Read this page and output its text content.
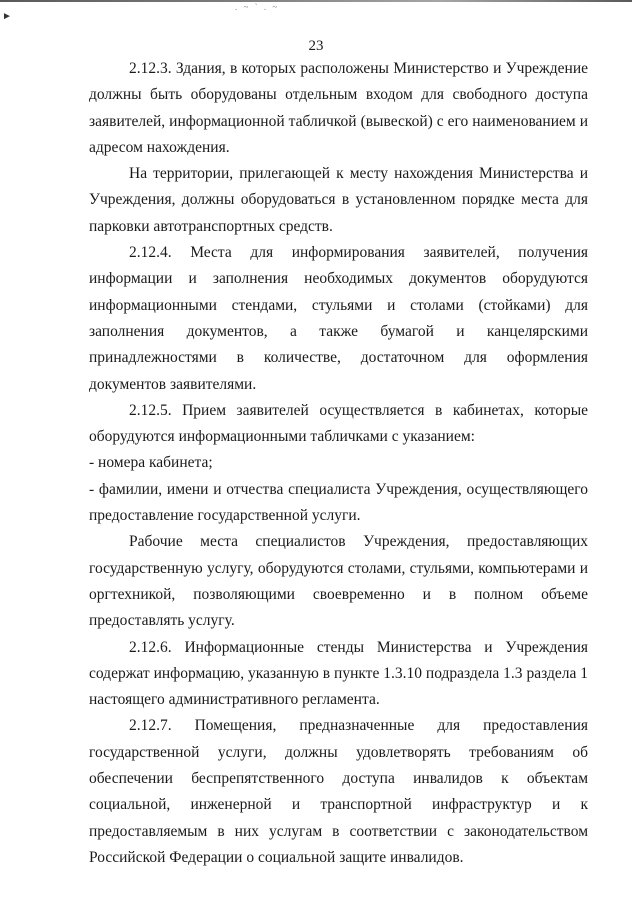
►
. ~ ` . ~
23

2.12.3. Здания, в которых расположены Министерство и Учреждение должны быть оборудованы отдельным входом для свободного доступа заявителей, информационной табличкой (вывеской) с его наименованием и адресом нахождения.

На территории, прилегающей к месту нахождения Министерства и Учреждения, должны оборудоваться в установленном порядке места для парковки автотранспортных средств.

2.12.4. Места для информирования заявителей, получения информации и заполнения необходимых документов оборудуются информационными стендами, стульями и столами (стойками) для заполнения документов, а также бумагой и канцелярскими принадлежностями в количестве, достаточном для оформления документов заявителями.

2.12.5. Прием заявителей осуществляется в кабинетах, которые оборудуются информационными табличками с указанием:

- номера кабинета;

- фамилии, имени и отчества специалиста Учреждения, осуществляющего предоставление государственной услуги.

Рабочие места специалистов Учреждения, предоставляющих государственную услугу, оборудуются столами, стульями, компьютерами и оргтехникой, позволяющими своевременно и в полном объеме предоставлять услугу.

2.12.6. Информационные стенды Министерства и Учреждения содержат информацию, указанную в пункте 1.3.10 подраздела 1.3 раздела 1 настоящего административного регламента.

2.12.7. Помещения, предназначенные для предоставления государственной услуги, должны удовлетворять требованиям об обеспечении беспрепятственного доступа инвалидов к объектам социальной, инженерной и транспортной инфраструктур и к предоставляемым в них услугам в соответствии с законодательством Российской Федерации о социальной защите инвалидов.
